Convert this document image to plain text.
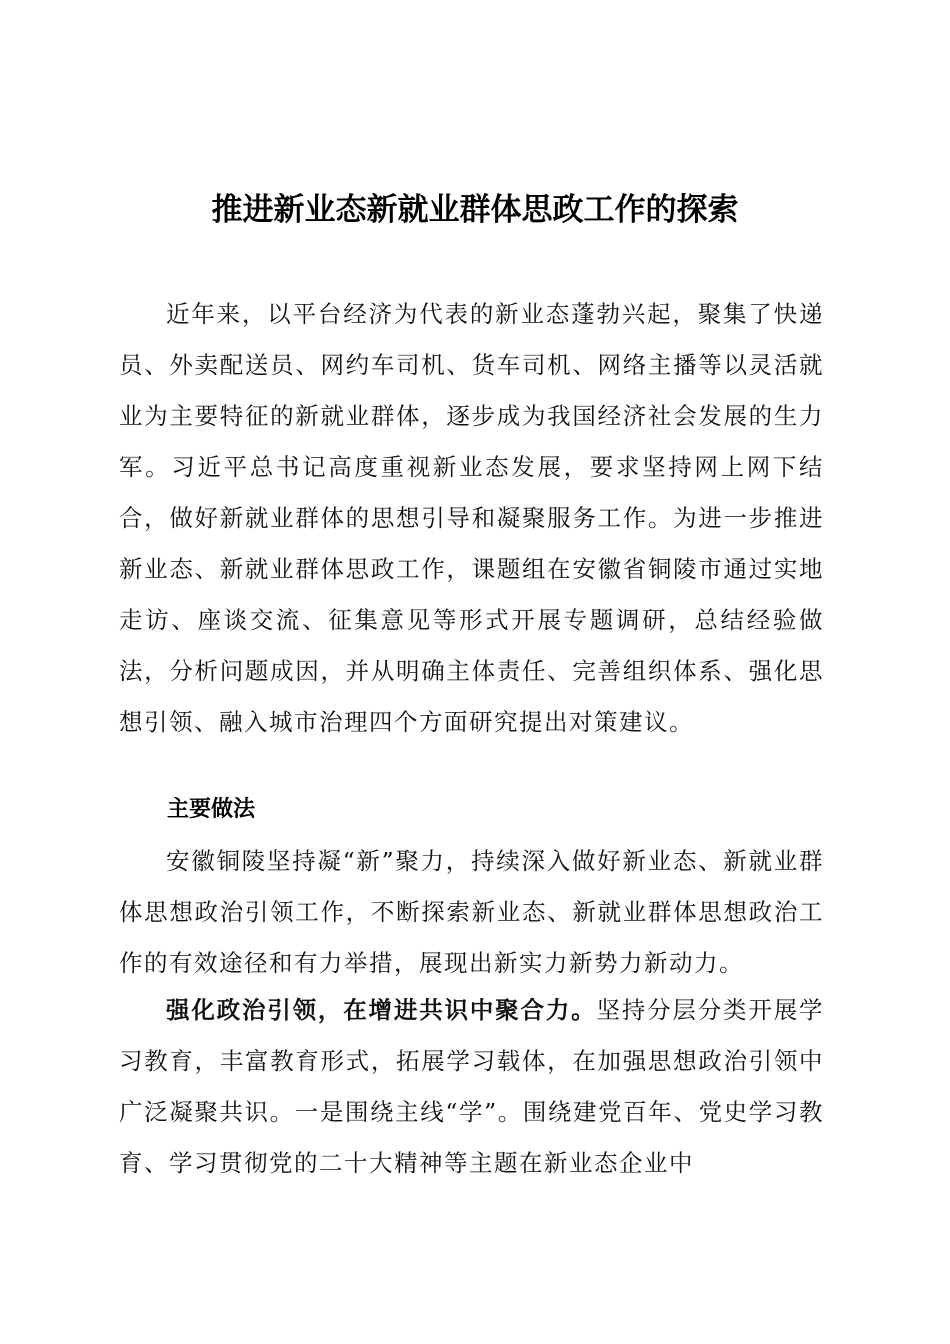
推进新业态新就业群体思政工作的探索

近年来，以平台经济为代表的新业态蓬勃兴起，聚集了快递员、外卖配送员、网约车司机、货车司机、网络主播等以灵活就业为主要特征的新就业群体，逐步成为我国经济社会发展的生力军。习近平总书记高度重视新业态发展，要求坚持网上网下结合，做好新就业群体的思想引导和凝聚服务工作。为进一步推进新业态、新就业群体思政工作，课题组在安徽省铜陵市通过实地走访、座谈交流、征集意见等形式开展专题调研，总结经验做法，分析问题成因，并从明确主体责任、完善组织体系、强化思想引领、融入城市治理四个方面研究提出对策建议。

主要做法

安徽铜陵坚持凝“新”聚力，持续深入做好新业态、新就业群体思想政治引领工作，不断探索新业态、新就业群体思想政治工作的有效途径和有力举措，展现出新实力新势力新动力。

强化政治引领，在增进共识中聚合力。坚持分层分类开展学习教育，丰富教育形式，拓展学习载体，在加强思想政治引领中广泛凝聚共识。一是围绕主线“学”。围绕建党百年、党史学习教育、学习贯彻党的二十大精神等主题在新业态企业中
